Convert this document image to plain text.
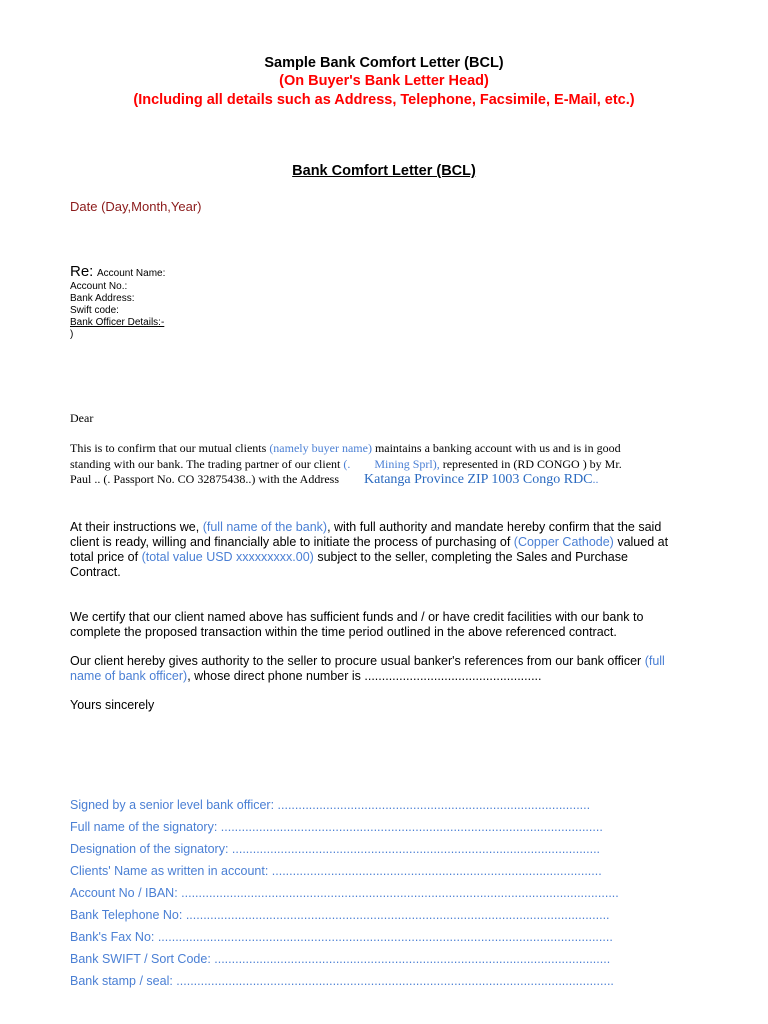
Sample Bank Comfort Letter (BCL)
(On Buyer's Bank Letter Head)
(Including all details such as Address, Telephone, Facsimile, E-Mail, etc.)
Bank Comfort Letter (BCL)
Date (Day,Month,Year)
Re: Account Name:
Account No.:
Bank Address:
Swift code:
Bank Officer Details:-
)
Dear
This is to confirm that our mutual clients (namely buyer name) maintains a banking account with us and is in good
standing with our bank. The trading partner of our client (.        Mining Sprl), represented in (RD CONGO ) by Mr.
Paul .. (. Passport No. CO 32875438..) with the Address Katanga Province ZIP 1003 Congo RDC..
At their instructions we, (full name of the bank), with full authority and mandate hereby confirm that the said
client is ready, willing and financially able to initiate the process of purchasing of (Copper Cathode) valued at
total price of (total value USD xxxxxxxxx.00) subject to the seller, completing the Sales and Purchase
Contract.
We certify that our client named above has sufficient funds and / or have credit facilities with our bank to
complete the proposed transaction within the time period outlined in the above referenced contract.
Our client hereby gives authority to the seller to procure usual banker's references from our bank officer (full
name of bank officer), whose direct phone number is ...................................................
Yours sincerely
Signed by a senior level bank officer: ..........................................................................................
Full name of the signatory: ..............................................................................................................
Designation of the signatory: ..........................................................................................................
Clients' Name as written in account: ...............................................................................................
Account No / IBAN: ..............................................................................................................................
Bank Telephone No: ..........................................................................................................................
Bank's Fax No: ...................................................................................................................................
Bank SWIFT / Sort Code: ..................................................................................................................
Bank stamp / seal: ..............................................................................................................................
